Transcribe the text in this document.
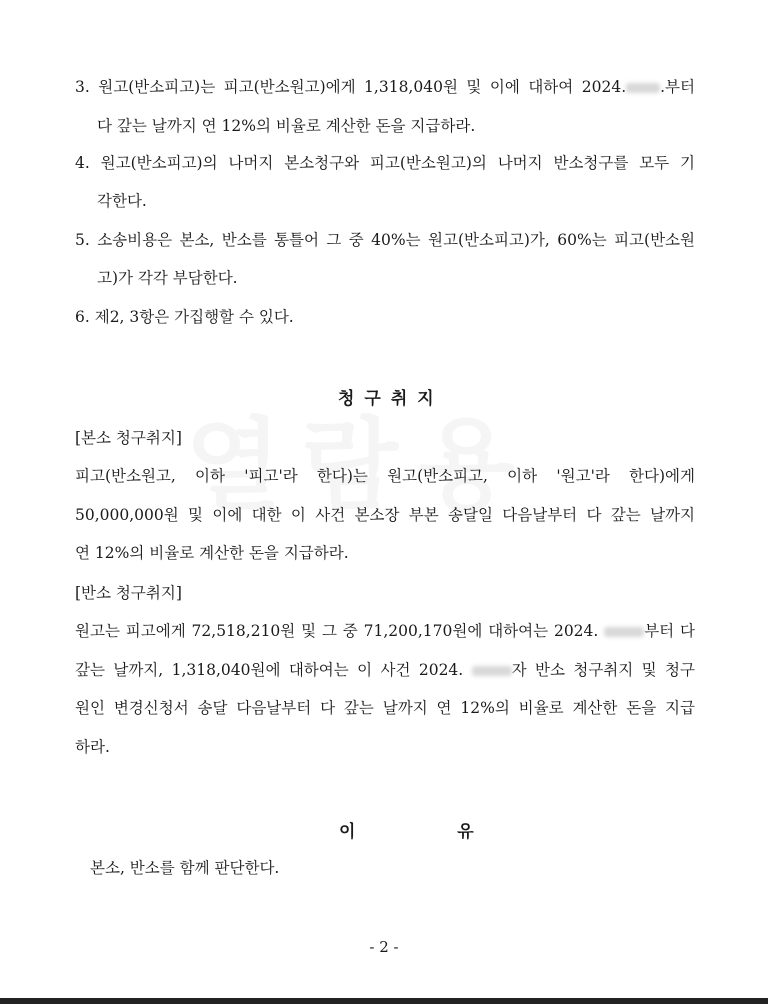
3. 원고(반소피고)는 피고(반소원고)에게 1,318,040원 및 이에 대하여 2024. .부터
다 갚는 날까지 연 12%의 비율로 계산한 돈을 지급하라.
4. 원고(반소피고)의 나머지 본소청구와 피고(반소원고)의 나머지 반소청구를 모두 기
각한다.
5. 소송비용은 본소, 반소를 통틀어 그 중 40%는 원고(반소피고)가, 60%는 피고(반소원
고)가 각각 부담한다.
6. 제2, 3항은 가집행할 수 있다.
청구취지
[본소 청구취지]
피고(반소원고, 이하 '피고'라 한다)는 원고(반소피고, 이하 '원고'라 한다)에게
50,000,000원 및 이에 대한 이 사건 본소장 부본 송달일 다음날부터 다 갚는 날까지
연 12%의 비율로 계산한 돈을 지급하라.
[반소 청구취지]
원고는 피고에게 72,518,210원 및 그 중 71,200,170원에 대하여는 2024.	부터 다
갚는 날까지, 1,318,040원에 대하여는 이 사건 2024.	자 반소 청구취지 및 청구
원인 변경신청서 송달 다음날부터 다 갚는 날까지 연 12%의 비율로 계산한 돈을 지급
하라.
이  유
본소, 반소를 함께 판단한다.
- 2 -
